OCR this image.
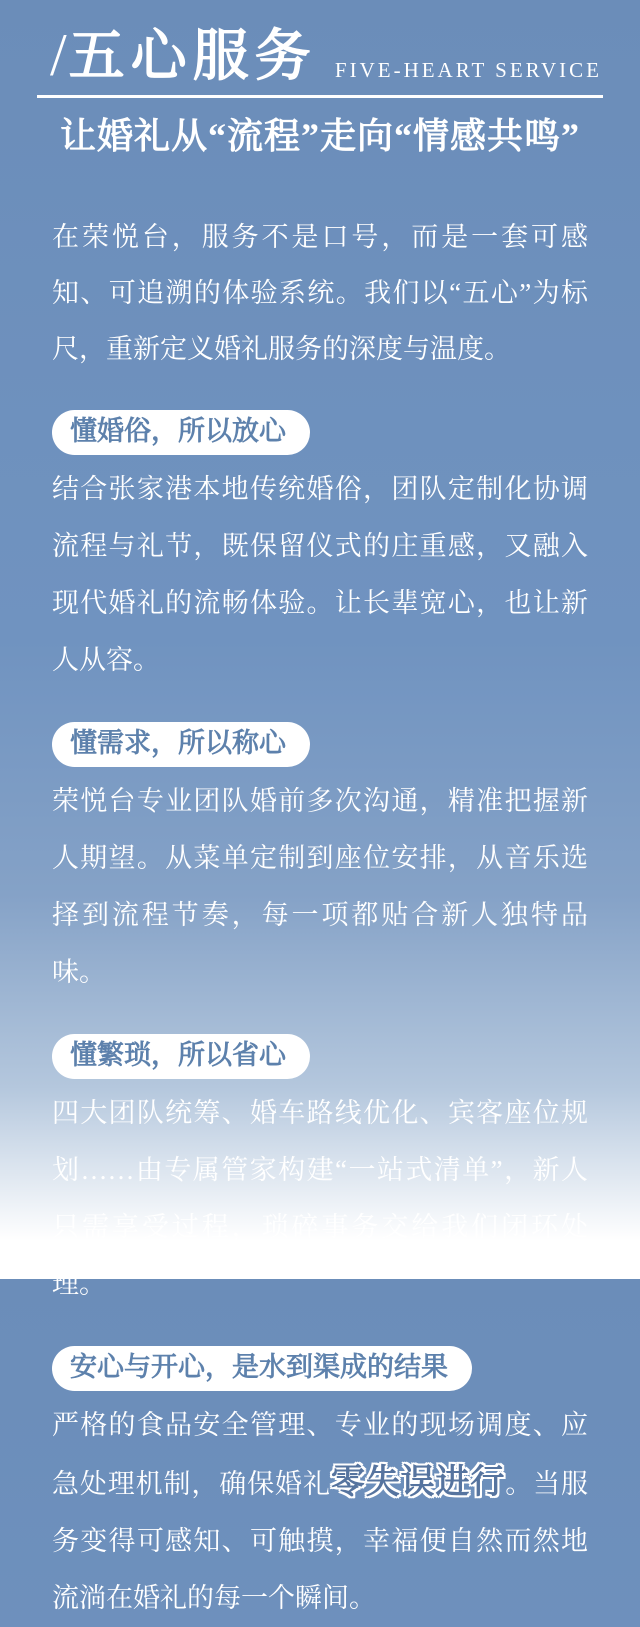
/五心服务 FIVE-HEART SERVICE
让婚礼从“流程”走向“情感共鸣”

在荣悦台，服务不是口号，而是一套可感知、可追溯的体验系统。我们以“五心”为标尺，重新定义婚礼服务的深度与温度。

懂婚俗，所以放心

结合张家港本地传统婚俗，团队定制化协调流程与礼节，既保留仪式的庄重感，又融入现代婚礼的流畅体验。让长辈宽心，也让新人从容。

懂需求，所以称心

荣悦台专业团队婚前多次沟通，精准把握新人期望。从菜单定制到座位安排，从音乐选择到流程节奏，每一项都贴合新人独特品味。

懂繁琐，所以省心

四大团队统筹、婚车路线优化、宾客座位规划……由专属管家构建“一站式清单”，新人只需享受过程，琐碎事务交给我们闭环处理。

安心与开心，是水到渠成的结果

严格的食品安全管理、专业的现场调度、应急处理机制，确保婚礼零失误进行。当服务变得可感知、可触摸，幸福便自然而然地流淌在婚礼的每一个瞬间。
